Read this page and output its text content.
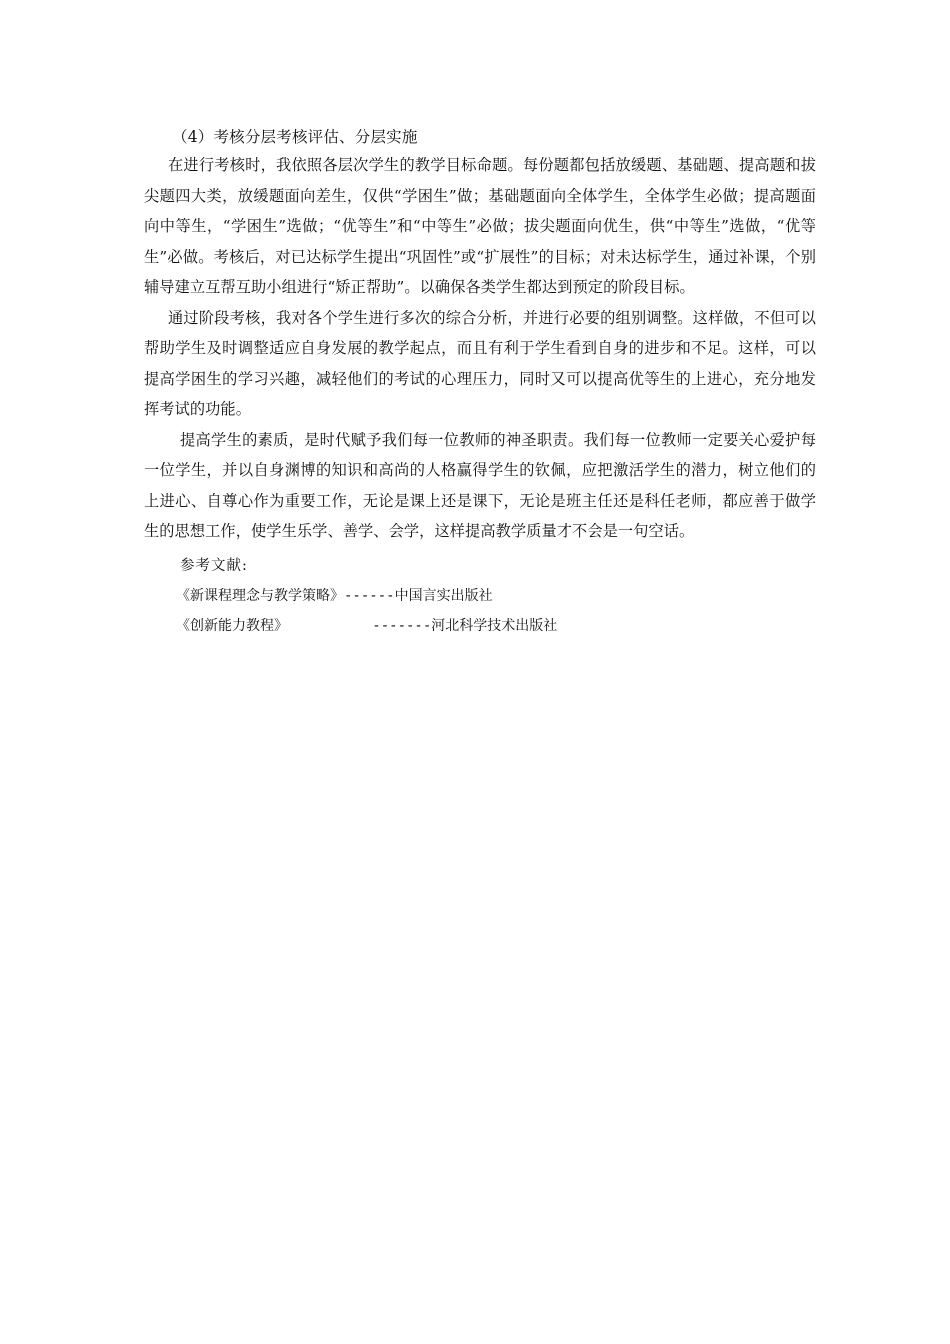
（4）考核分层考核评估、分层实施

在进行考核时，我依照各层次学生的教学目标命题。每份题都包括放缓题、基础题、提高题和拔尖题四大类，放缓题面向差生，仅供“学困生”做；基础题面向全体学生，全体学生必做；提高题面向中等生，“学困生”选做；“优等生”和“中等生”必做；拔尖题面向优生，供“中等生”选做，“优等生”必做。考核后，对已达标学生提出“巩固性”或“扩展性”的目标；对未达标学生，通过补课，个别辅导建立互帮互助小组进行“矫正帮助”。以确保各类学生都达到预定的阶段目标。

通过阶段考核，我对各个学生进行多次的综合分析，并进行必要的组别调整。这样做，不但可以帮助学生及时调整适应自身发展的教学起点，而且有利于学生看到自身的进步和不足。这样，可以提高学困生的学习兴趣，减轻他们的考试的心理压力，同时又可以提高优等生的上进心，充分地发挥考试的功能。

提高学生的素质，是时代赋予我们每一位教师的神圣职责。我们每一位教师一定要关心爱护每一位学生，并以自身渊博的知识和高尚的人格赢得学生的钦佩，应把激活学生的潜力，树立他们的上进心、自尊心作为重要工作，无论是课上还是课下，无论是班主任还是科任老师，都应善于做学生的思想工作，使学生乐学、善学、会学，这样提高教学质量才不会是一句空话。

参考文献:
《新课程理念与教学策略》------中国言实出版社
《创新能力教程》          -------河北科学技术出版社
